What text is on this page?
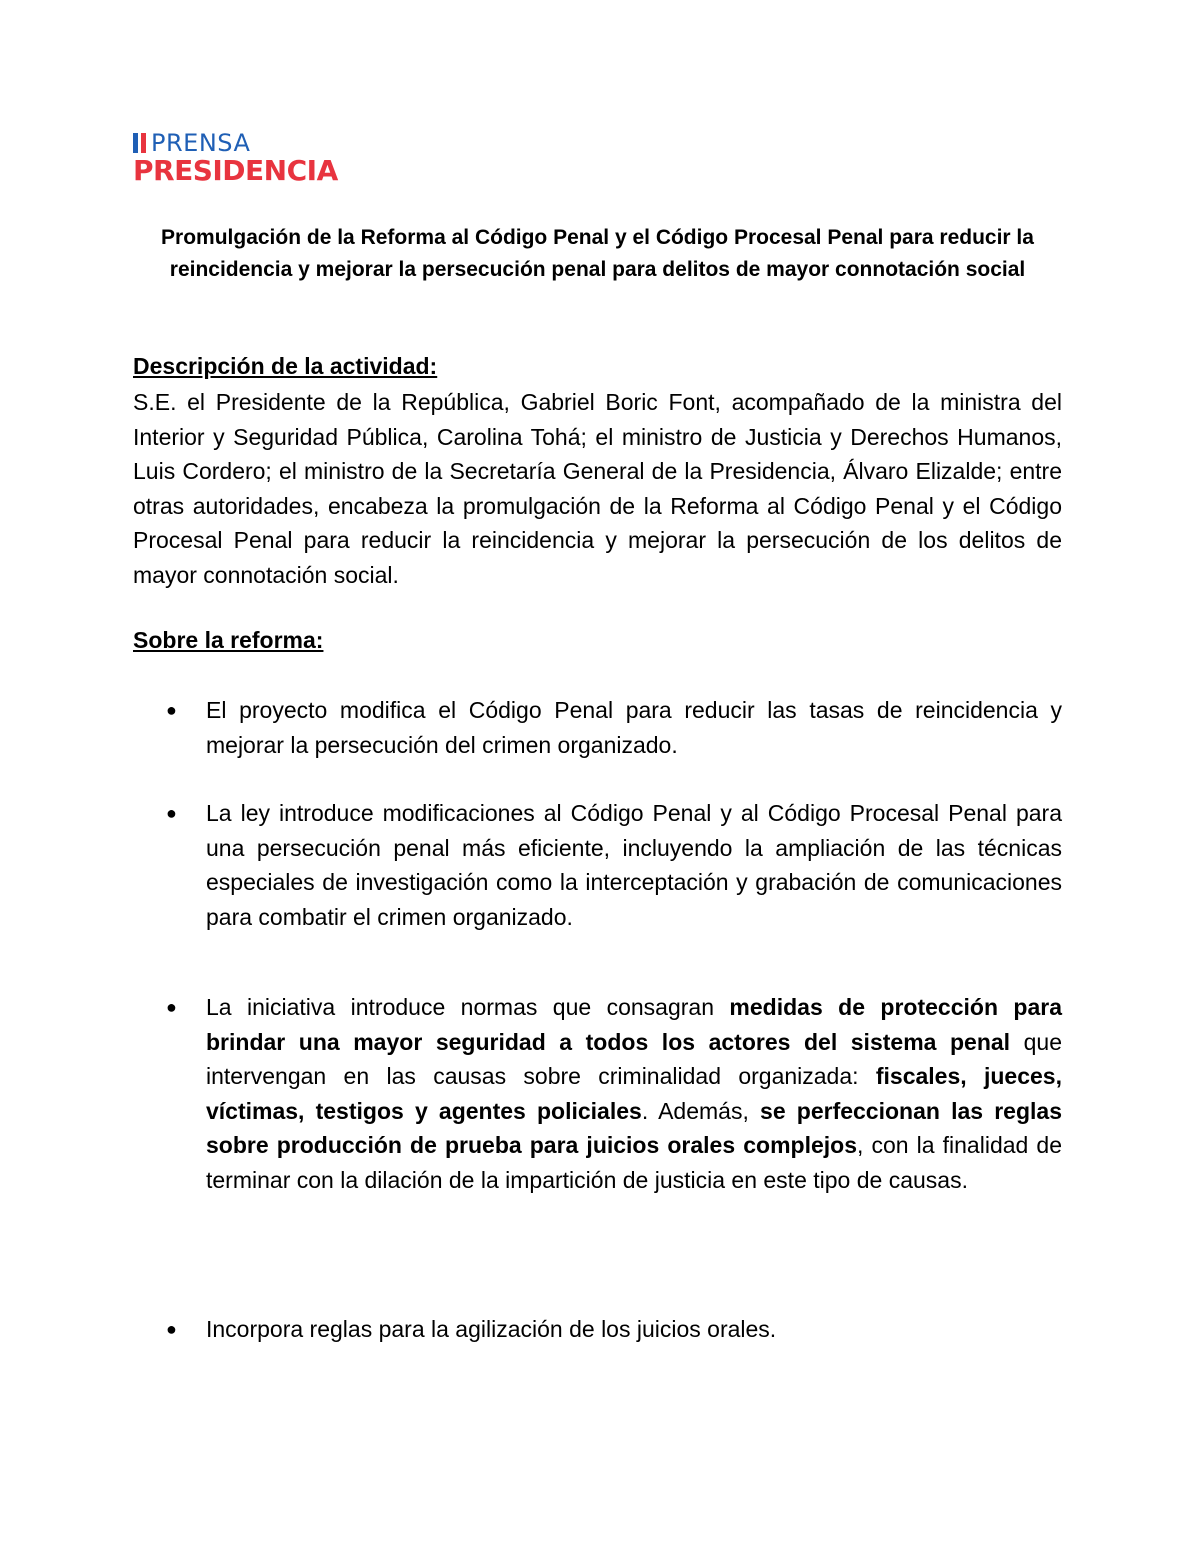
PRENSA
PRESIDENCIA
Promulgación de la Reforma al Código Penal y el Código Procesal Penal para reducir la reincidencia y mejorar la persecución penal para delitos de mayor connotación social
Descripción de la actividad:

S.E. el Presidente de la República, Gabriel Boric Font, acompañado de la ministra del Interior y Seguridad Pública, Carolina Tohá; el ministro de Justicia y Derechos Humanos, Luis Cordero; el ministro de la Secretaría General de la Presidencia, Álvaro Elizalde; entre otras autoridades, encabeza la promulgación de la Reforma al Código Penal y el Código Procesal Penal para reducir la reincidencia y mejorar la persecución de los delitos de mayor connotación social.

Sobre la reforma:
●	El proyecto modifica el Código Penal para reducir las tasas de reincidencia y mejorar la persecución del crimen organizado.
●	La ley introduce modificaciones al Código Penal y al Código Procesal Penal para una persecución penal más eficiente, incluyendo la ampliación de las técnicas especiales de investigación como la interceptación y grabación de comunicaciones para combatir el crimen organizado.
●	La iniciativa introduce normas que consagran medidas de protección para brindar una mayor seguridad a todos los actores del sistema penal que intervengan en las causas sobre criminalidad organizada: fiscales, jueces, víctimas, testigos y agentes policiales. Además, se perfeccionan las reglas sobre producción de prueba para juicios orales complejos, con la finalidad de terminar con la dilación de la impartición de justicia en este tipo de causas.
●	Incorpora reglas para la agilización de los juicios orales.
